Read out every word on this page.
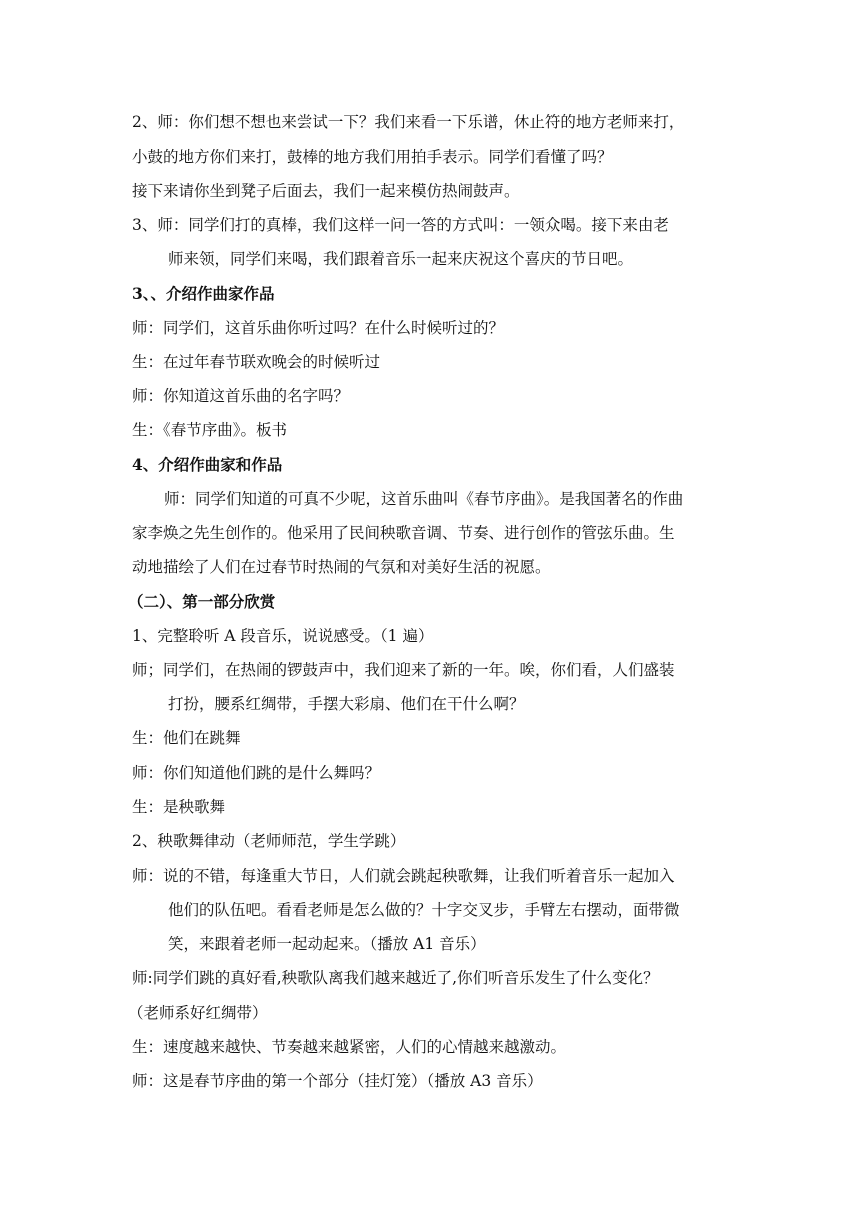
2、师：你们想不想也来尝试一下？我们来看一下乐谱，休止符的地方老师来打，
小鼓的地方你们来打，鼓棒的地方我们用拍手表示。同学们看懂了吗？
接下来请你坐到凳子后面去，我们一起来模仿热闹鼓声。
3、师：同学们打的真棒，我们这样一问一答的方式叫：一领众喝。接下来由老
师来领，同学们来喝，我们跟着音乐一起来庆祝这个喜庆的节日吧。
3、、介绍作曲家作品
师：同学们，这首乐曲你听过吗？在什么时候听过的？
生：在过年春节联欢晚会的时候听过
师：你知道这首乐曲的名字吗？
生：《春节序曲》。板书
4、介绍作曲家和作品
师：同学们知道的可真不少呢，这首乐曲叫《春节序曲》。是我国著名的作曲
家李焕之先生创作的。他采用了民间秧歌音调、节奏、进行创作的管弦乐曲。生
动地描绘了人们在过春节时热闹的气氛和对美好生活的祝愿。
（二）、第一部分欣赏
1、完整聆听 A 段音乐，说说感受。（1 遍）
师；同学们，在热闹的锣鼓声中，我们迎来了新的一年。唉，你们看，人们盛装
打扮，腰系红绸带，手摆大彩扇、他们在干什么啊？
生：他们在跳舞
师：你们知道他们跳的是什么舞吗？
生：是秧歌舞
2、秧歌舞律动（老师师范，学生学跳）
师：说的不错，每逢重大节日，人们就会跳起秧歌舞，让我们听着音乐一起加入
他们的队伍吧。看看老师是怎么做的？十字交叉步，手臂左右摆动，面带微
笑，来跟着老师一起动起来。（播放 A1 音乐）
师:同学们跳的真好看,秧歌队离我们越来越近了,你们听音乐发生了什么变化？
（老师系好红绸带）
生：速度越来越快、节奏越来越紧密，人们的心情越来越激动。
师：这是春节序曲的第一个部分（挂灯笼）（播放 A3 音乐）
